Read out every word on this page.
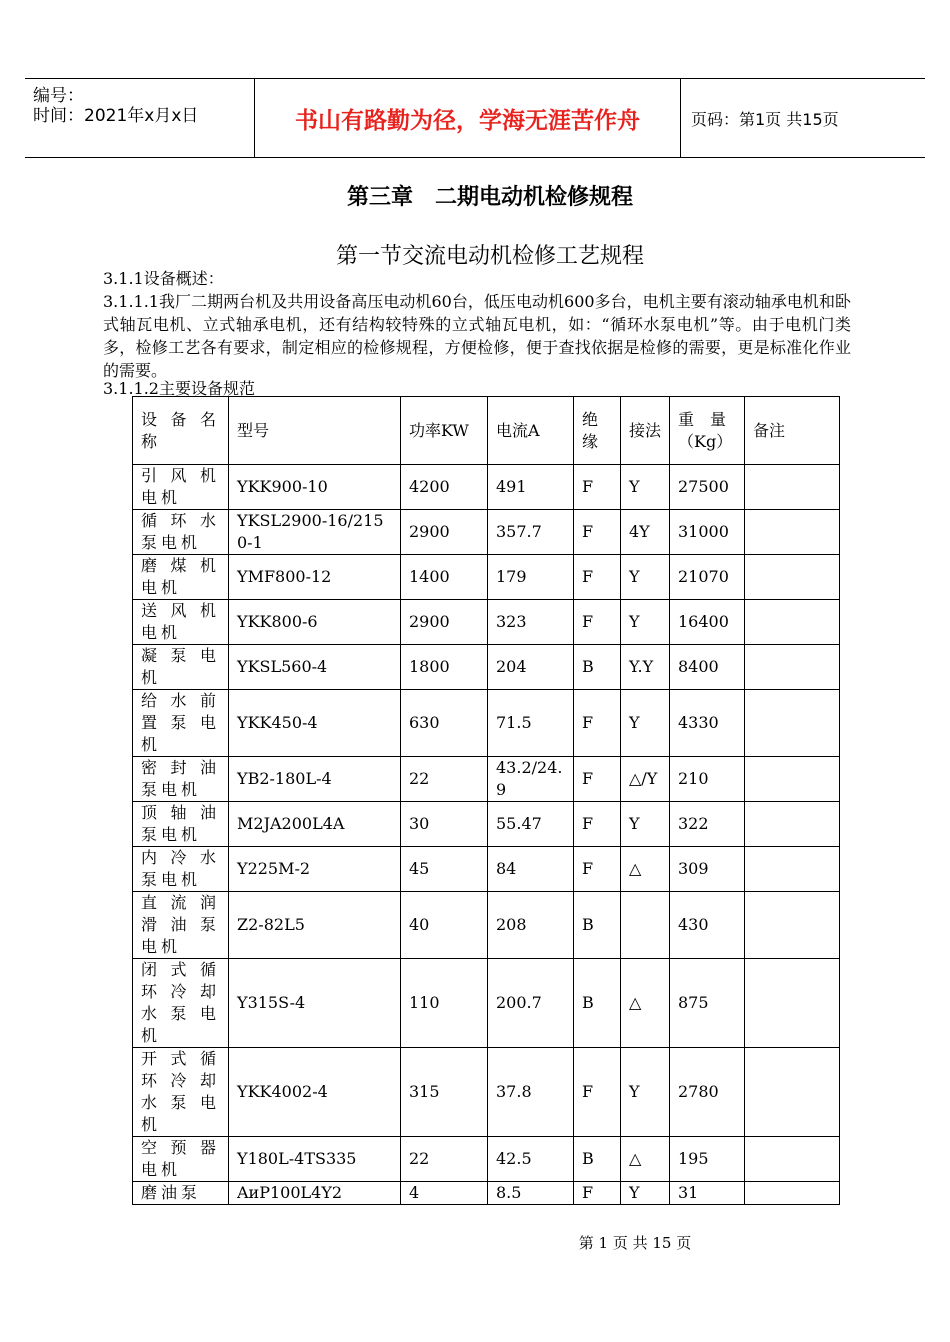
编号：
时间：2021年x月x日	书山有路勤为径，学海无涯苦作舟	页码：第1页 共15页
第三章　二期电动机检修规程
第一节交流电动机检修工艺规程
3.1.1设备概述：
3.1.1.1我厂二期两台机及共用设备高压电动机60台，低压电动机600多台，电机主要有滚动轴承电机和卧式轴瓦电机、立式轴承电机，还有结构较特殊的立式轴瓦电机，如：“循环水泵电机”等。由于电机门类多，检修工艺各有要求，制定相应的检修规程，方便检修，便于查找依据是检修的需要，更是标准化作业的需要。
3.1.1.2主要设备规范
设备名称	型号	功率KW	电流A	绝缘	接法	重　量（Kg）	备注
引风机电机	YKK900-10	4200	491	F	Y	27500	
循环水泵电机	YKSL2900-16/2150-1	2900	357.7	F	4Y	31000	
磨煤机电机	YMF800-12	1400	179	F	Y	21070	
送风机电机	YKK800-6	2900	323	F	Y	16400	
凝泵电机	YKSL560-4	1800	204	B	Y.Y	8400	
给水前置泵电机	YKK450-4	630	71.5	F	Y	4330	
密封油泵电机	YB2-180L-4	22	43.2/24.9	F	△/Y	210	
顶轴油泵电机	M2JA200L4A	30	55.47	F	Y	322	
内冷水泵电机	Y225M-2	45	84	F	△	309	
直流润滑油泵电机	Z2-82L5	40	208	B		430	
闭式循环冷却水泵电机	Y315S-4	110	200.7	B	△	875	
开式循环冷却水泵电机	YKK4002-4	315	37.8	F	Y	2780	
空预器电机	Y180L-4TS335	22	42.5	B	△	195	
磨油泵	AиP100L4Y2	4	8.5	F	Y	31	
第 1 页 共 15 页
